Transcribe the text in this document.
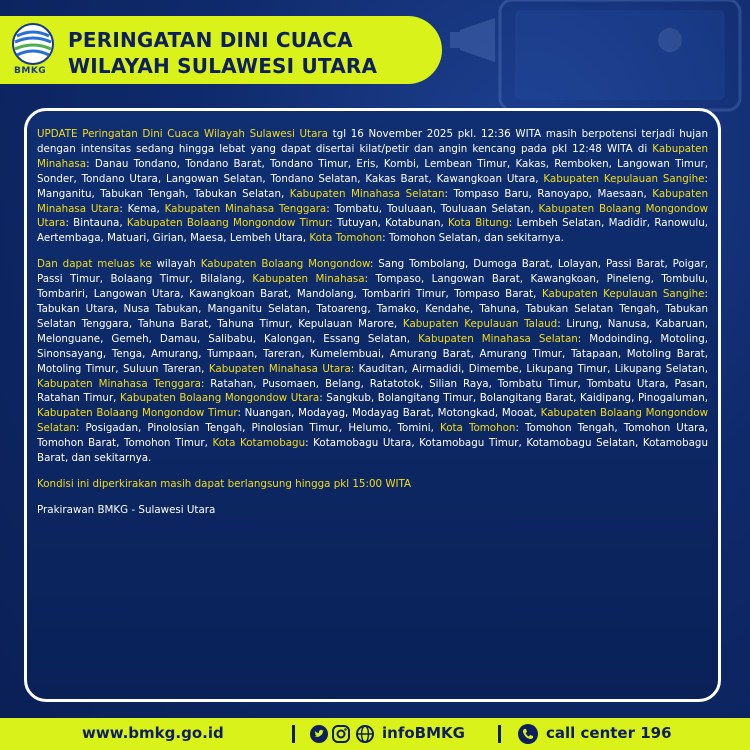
BMKG
PERINGATAN DINI CUACA
WILAYAH SULAWESI UTARA

UPDATE Peringatan Dini Cuaca Wilayah Sulawesi Utara tgl 16 November 2025 pkl. 12:36 WITA masih berpotensi terjadi hujan dengan intensitas sedang hingga lebat yang dapat disertai kilat/petir dan angin kencang pada pkl 12:48 WITA di Kabupaten Minahasa: Danau Tondano, Tondano Barat, Tondano Timur, Eris, Kombi, Lembean Timur, Kakas, Remboken, Langowan Timur, Sonder, Tondano Utara, Langowan Selatan, Tondano Selatan, Kakas Barat, Kawangkoan Utara, Kabupaten Kepulauan Sangihe: Manganitu, Tabukan Tengah, Tabukan Selatan, Kabupaten Minahasa Selatan: Tompaso Baru, Ranoyapo, Maesaan, Kabupaten Minahasa Utara: Kema, Kabupaten Minahasa Tenggara: Tombatu, Touluaan, Touluaan Selatan, Kabupaten Bolaang Mongondow Utara: Bintauna, Kabupaten Bolaang Mongondow Timur: Tutuyan, Kotabunan, Kota Bitung: Lembeh Selatan, Madidir, Ranowulu, Aertembaga, Matuari, Girian, Maesa, Lembeh Utara, Kota Tomohon: Tomohon Selatan, dan sekitarnya.

Dan dapat meluas ke wilayah Kabupaten Bolaang Mongondow: Sang Tombolang, Dumoga Barat, Lolayan, Passi Barat, Poigar, Passi Timur, Bolaang Timur, Bilalang, Kabupaten Minahasa: Tompaso, Langowan Barat, Kawangkoan, Pineleng, Tombulu, Tombariri, Langowan Utara, Kawangkoan Barat, Mandolang, Tombariri Timur, Tompaso Barat, Kabupaten Kepulauan Sangihe: Tabukan Utara, Nusa Tabukan, Manganitu Selatan, Tatoareng, Tamako, Kendahe, Tahuna, Tabukan Selatan Tengah, Tabukan Selatan Tenggara, Tahuna Barat, Tahuna Timur, Kepulauan Marore, Kabupaten Kepulauan Talaud: Lirung, Nanusa, Kabaruan, Melonguane, Gemeh, Damau, Salibabu, Kalongan, Essang Selatan, Kabupaten Minahasa Selatan: Modoinding, Motoling, Sinonsayang, Tenga, Amurang, Tumpaan, Tareran, Kumelembuai, Amurang Barat, Amurang Timur, Tatapaan, Motoling Barat, Motoling Timur, Suluun Tareran, Kabupaten Minahasa Utara: Kauditan, Airmadidi, Dimembe, Likupang Timur, Likupang Selatan, Kabupaten Minahasa Tenggara: Ratahan, Pusomaen, Belang, Ratatotok, Silian Raya, Tombatu Timur, Tombatu Utara, Pasan, Ratahan Timur, Kabupaten Bolaang Mongondow Utara: Sangkub, Bolangitang Timur, Bolangitang Barat, Kaidipang, Pinogaluman, Kabupaten Bolaang Mongondow Timur: Nuangan, Modayag, Modayag Barat, Motongkad, Mooat, Kabupaten Bolaang Mongondow Selatan: Posigadan, Pinolosian Tengah, Pinolosian Timur, Helumo, Tomini, Kota Tomohon: Tomohon Tengah, Tomohon Utara, Tomohon Barat, Tomohon Timur, Kota Kotamobagu: Kotamobagu Utara, Kotamobagu Timur, Kotamobagu Selatan, Kotamobagu Barat, dan sekitarnya.

Kondisi ini diperkirakan masih dapat berlangsung hingga pkl 15:00 WITA

Prakirawan BMKG - Sulawesi Utara

www.bmkg.go.id	infoBMKG	call center 196
